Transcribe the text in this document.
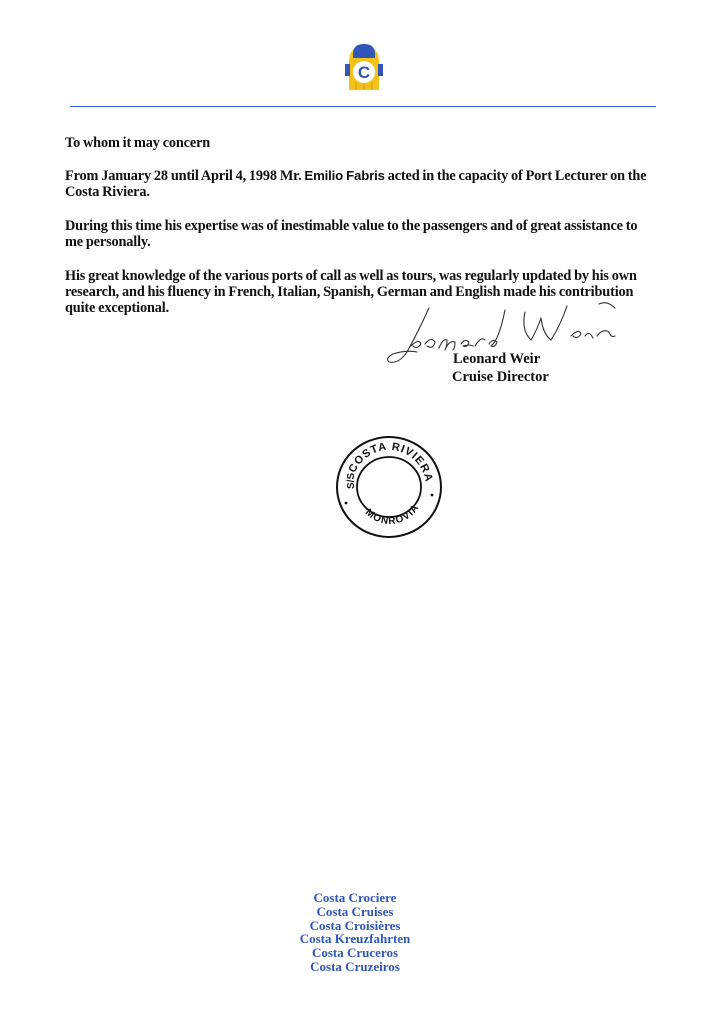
C
To whom it may concern
From January 28 until April 4, 1998 Mr. Emilio Fabris acted in the capacity of Port Lecturer on the Costa Riviera.
During this time his expertise was of inestimable value to the passengers and of great assistance to me personally.
His great knowledge of the various ports of call as well as tours, was regularly updated by his own research, and his fluency in French, Italian, Spanish, German and English made his contribution quite exceptional.
Leonard Weir
Cruise Director
COSTA RIVIERA
MONROVIA
S/S
Costa Crociere
Costa Cruises
Costa Croisières
Costa Kreuzfahrten
Costa Cruceros
Costa Cruzeiros
